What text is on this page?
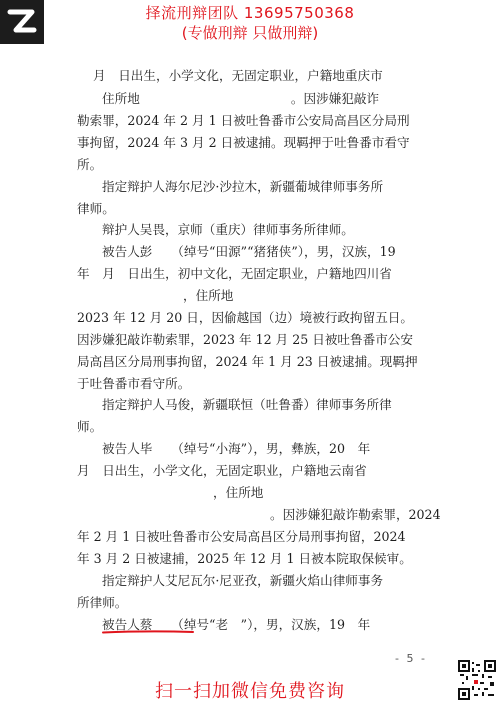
择流刑辩团队 13695750368
(专做刑辩 只做刑辩)
月　日出生，小学文化，无固定职业，户籍地重庆市
住所地　　　　　　　　　　　　。因涉嫌犯敲诈
勒索罪，2024 年 2 月 1 日被吐鲁番市公安局高昌区分局刑
事拘留，2024 年 3 月 2 日被逮捕。现羁押于吐鲁番市看守
所。
指定辩护人海尔尼沙·沙拉木，新疆葡城律师事务所
律师。
辩护人吴畏，京师（重庆）律师事务所律师。
被告人彭　　（绰号“田源”“猪猪侠”），男，汉族，19
年　月　日出生，初中文化，无固定职业，户籍地四川省
，住所地
2023 年 12 月 20 日，因偷越国（边）境被行政拘留五日。
因涉嫌犯敲诈勒索罪，2023 年 12 月 25 日被吐鲁番市公安
局高昌区分局刑事拘留，2024 年 1 月 23 日被逮捕。现羁押
于吐鲁番市看守所。
指定辩护人马俊，新疆联恒（吐鲁番）律师事务所律
师。
被告人毕　　（绰号“小海”），男，彝族，20　年
月　日出生，小学文化，无固定职业，户籍地云南省
，住所地
。因涉嫌犯敲诈勒索罪，2024
年 2 月 1 日被吐鲁番市公安局高昌区分局刑事拘留，2024
年 3 月 2 日被逮捕，2025 年 12 月 1 日被本院取保候审。
指定辩护人艾尼瓦尔·尼亚孜，新疆火焰山律师事务
所律师。
被告人蔡　　（绰号“老　”），男，汉族，19　年
- 5 -
扫一扫加微信免费咨询
